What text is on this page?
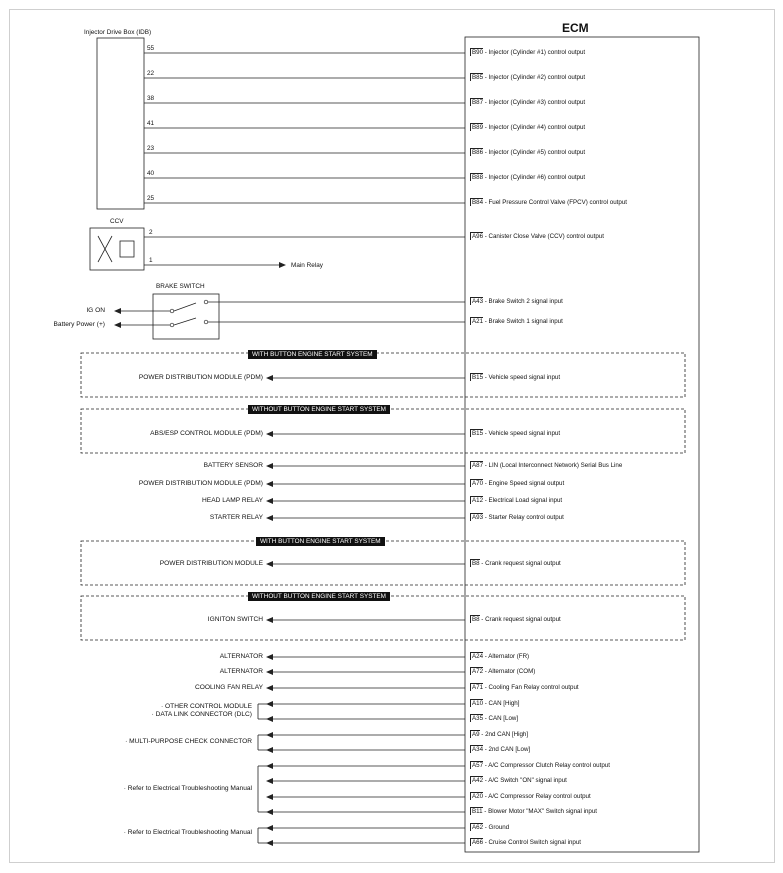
ECM
Injector Drive Box (IDB)
CCV
BRAKE SWITCH
55
22
38
41
23
40
25
2
1
Main Relay
IG ON
Battery Power (+)
WITH BUTTON ENGINE START SYSTEM
WITHOUT BUTTON ENGINE START SYSTEM
WITH BUTTON ENGINE START SYSTEM
WITHOUT BUTTON ENGINE START SYSTEM
POWER DISTRIBUTION MODULE (PDM)
ABS/ESP CONTROL MODULE (PDM)
BATTERY SENSOR
POWER DISTRIBUTION MODULE (PDM)
HEAD LAMP RELAY
STARTER RELAY
POWER DISTRIBUTION MODULE
IGNITON SWITCH
ALTERNATOR
ALTERNATOR
COOLING FAN RELAY
· OTHER CONTROL MODULE
· DATA LINK CONNECTOR (DLC)
· MULTI-PURPOSE CHECK CONNECTOR
· Refer to Electrical Troubleshooting Manual
· Refer to Electrical Troubleshooting Manual
B90 - Injector (Cylinder #1) control output
B85 - Injector (Cylinder #2) control output
B87 - Injector (Cylinder #3) control output
B89 - Injector (Cylinder #4) control output
B86 - Injector (Cylinder #5) control output
B88 - Injector (Cylinder #6) control output
B84 - Fuel Pressure Control Valve (FPCV) control output
A96 - Canister Close Valve (CCV) control output
A43 - Brake Switch 2 signal input
A21 - Brake Switch 1 signal input
B15 - Vehicle speed signal input
B15 - Vehicle speed signal input
A87 - LIN (Local Interconnect Network) Serial Bus Line
A70 - Engine Speed signal output
A12 - Electrical Load signal input
A93 - Starter Relay control output
B8 - Crank request signal output
B8 - Crank request signal output
A24 - Alternator (FR)
A72 - Alternator (COM)
A71 - Cooling Fan Relay control output
A10 - CAN [High]
A35 - CAN [Low]
A9 - 2nd CAN [High]
A34 - 2nd CAN [Low]
A57 - A/C Compressor Clutch Relay control output
A42 - A/C Switch "ON" signal input
A20 - A/C Compressor Relay control output
B11 - Blower Motor "MAX" Switch signal input
A62 - Ground
A66 - Cruise Control Switch signal input
